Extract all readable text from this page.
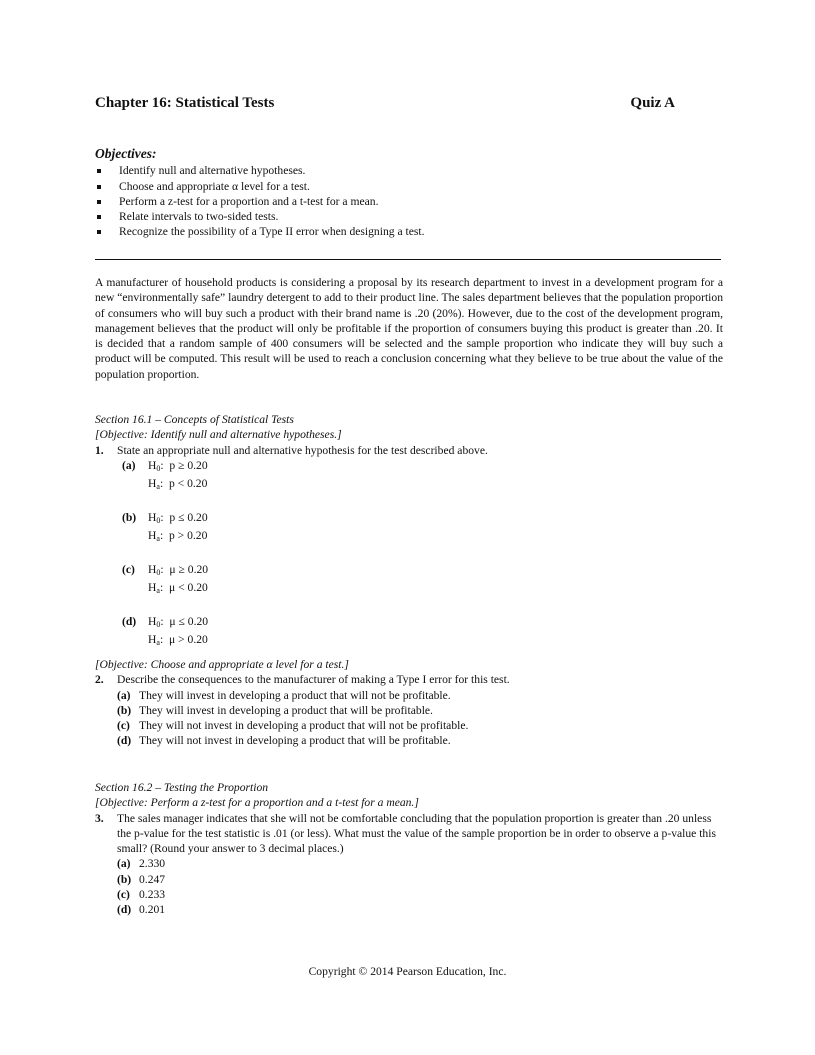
Chapter 16: Statistical Tests	Quiz A
Objectives:
Identify null and alternative hypotheses.
Choose and appropriate α level for a test.
Perform a z-test for a proportion and a t-test for a mean.
Relate intervals to two-sided tests.
Recognize the possibility of a Type II error when designing a test.
A manufacturer of household products is considering a proposal by its research department to invest in a development program for a new “environmentally safe” laundry detergent to add to their product line. The sales department believes that the population proportion of consumers who will buy such a product with their brand name is .20 (20%). However, due to the cost of the development program, management believes that the product will only be profitable if the proportion of consumers buying this product is greater than .20. It is decided that a random sample of 400 consumers will be selected and the sample proportion who indicate they will buy such a product will be computed. This result will be used to reach a conclusion concerning what they believe to be true about the value of the population proportion.
Section 16.1 – Concepts of Statistical Tests
[Objective: Identify null and alternative hypotheses.]
1. State an appropriate null and alternative hypothesis for the test described above.
(a) $H_0$:  p ≥ 0.20
$H_a$:  p < 0.20
(b) $H_0$:  p ≤ 0.20
$H_a$:  p > 0.20
(c) $H_0$:  μ ≥ 0.20
$H_a$:  μ < 0.20
(d) $H_0$:  μ ≤ 0.20
$H_a$:  μ > 0.20
[Objective: Choose and appropriate α level for a test.]
2. Describe the consequences to the manufacturer of making a Type I error for this test.
(a) They will invest in developing a product that will not be profitable.
(b) They will invest in developing a product that will be profitable.
(c) They will not invest in developing a product that will not be profitable.
(d) They will not invest in developing a product that will be profitable.
Section 16.2 – Testing the Proportion
[Objective: Perform a z-test for a proportion and a t-test for a mean.]
3. The sales manager indicates that she will not be comfortable concluding that the population proportion is greater than .20 unless the p-value for the test statistic is .01 (or less). What must the value of the sample proportion be in order to observe a p-value this small? (Round your answer to 3 decimal places.)
(a) 2.330
(b) 0.247
(c) 0.233
(d) 0.201
Copyright © 2014 Pearson Education, Inc.
